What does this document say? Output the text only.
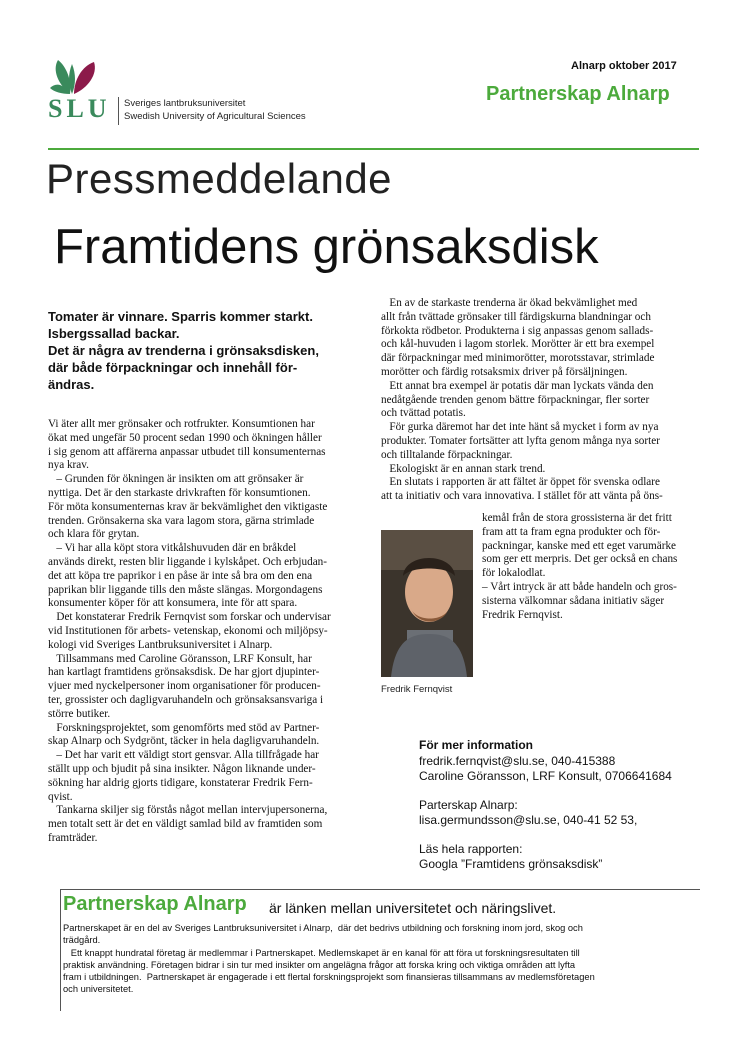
SLU Sveriges lantbruksuniversitet
Swedish University of Agricultural Sciences
Alnarp oktober 2017
Partnerskap Alnarp
Pressmeddelande
Framtidens grönsaksdisk
Tomater är vinnare. Sparris kommer starkt.
Isbergssallad backar.
Det är några av trenderna i grönsaksdisken,
där både förpackningar och innehåll för-
ändras.
Vi äter allt mer grönsaker och rotfrukter. Konsumtionen har
ökat med ungefär 50 procent sedan 1990 och ökningen håller
i sig genom att affärerna anpassar utbudet till konsumenternas
nya krav.
– Grunden för ökningen är insikten om att grönsaker är
nyttiga. Det är den starkaste drivkraften för konsumtionen.
För möta konsumenternas krav är bekvämlighet den viktigaste
trenden. Grönsakerna ska vara lagom stora, gärna strimlade
och klara för grytan.
– Vi har alla köpt stora vitkålshuvuden där en bråkdel
används direkt, resten blir liggande i kylskåpet. Och erbjudan-
det att köpa tre paprikor i en påse är inte så bra om den ena
paprikan blir liggande tills den måste slängas. Morgondagens
konsumenter köper för att konsumera, inte för att spara.
Det konstaterar Fredrik Fernqvist som forskar och undervisar
vid Institutionen för arbets- vetenskap, ekonomi och miljöpsy-
kologi vid Sveriges Lantbruksuniversitet i Alnarp.
Tillsammans med Caroline Göransson, LRF Konsult, har
han kartlagt framtidens grönsaksdisk. De har gjort djupinter-
vjuer med nyckelpersoner inom organisationer för producen-
ter, grossister och dagligvaruhandeln och grönsaksansvariga i
större butiker.
Forskningsprojektet, som genomförts med stöd av Partner-
skap Alnarp och Sydgrönt, täcker in hela dagligvaruhandeln.
– Det har varit ett väldigt stort gensvar. Alla tillfrågade har
ställt upp och bjudit på sina insikter. Någon liknande under-
sökning har aldrig gjorts tidigare, konstaterar Fredrik Fern-
qvist.
Tankarna skiljer sig förstås något mellan intervjupersonerna,
men totalt sett är det en väldigt samlad bild av framtiden som
framträder.
En av de starkaste trenderna är ökad bekvämlighet med
allt från tvättade grönsaker till färdigskurna blandningar och
förkokta rödbetor. Produkterna i sig anpassas genom sallads-
och kål-huvuden i lagom storlek. Morötter är ett bra exempel
där förpackningar med minimorötter, morotsstavar, strimlade
morötter och färdig rotsaksmix driver på försäljningen.
Ett annat bra exempel är potatis där man lyckats vända den
nedåtgående trenden genom bättre förpackningar, fler sorter
och tvättad potatis.
För gurka däremot har det inte hänt så mycket i form av nya
produkter. Tomater fortsätter att lyfta genom många nya sorter
och tilltalande förpackningar.
Ekologiskt är en annan stark trend.
En slutats i rapporten är att fältet är öppet för svenska odlare
att ta initiativ och vara innovativa. I stället för att vänta på öns-
kemål från de stora grossisterna är det fritt
fram att ta fram egna produkter och för-
packningar, kanske med ett eget varumärke
som ger ett merpris. Det ger också en chans
för lokalodlat.
– Vårt intryck är att både handeln och gros-
sisterna välkomnar sådana initiativ säger
Fredrik Fernqvist.
Fredrik Fernqvist
För mer information
fredrik.fernqvist@slu.se, 040-415388
Caroline Göransson, LRF Konsult, 0706641684
Parterskap Alnarp:
lisa.germundsson@slu.se, 040-41 52 53,
Läs hela rapporten:
Googla ”Framtidens grönsaksdisk”
Partnerskap Alnarp är länken mellan universitetet och näringslivet.
Partnerskapet är en del av Sveriges Lantbruksuniversitet i Alnarp,  där det bedrivs utbildning och forskning inom jord, skog och
trädgård.
Ett knappt hundratal företag är medlemmar i Partnerskapet. Medlemskapet är en kanal för att föra ut forskningsresultaten till
praktisk användning. Företagen bidrar i sin tur med insikter om angelägna frågor att forska kring och viktiga områden att lyfta
fram i utbildningen.  Partnerskapet är engagerade i ett flertal forskningsprojekt som finansieras tillsammans av medlemsföretagen
och universitetet.
